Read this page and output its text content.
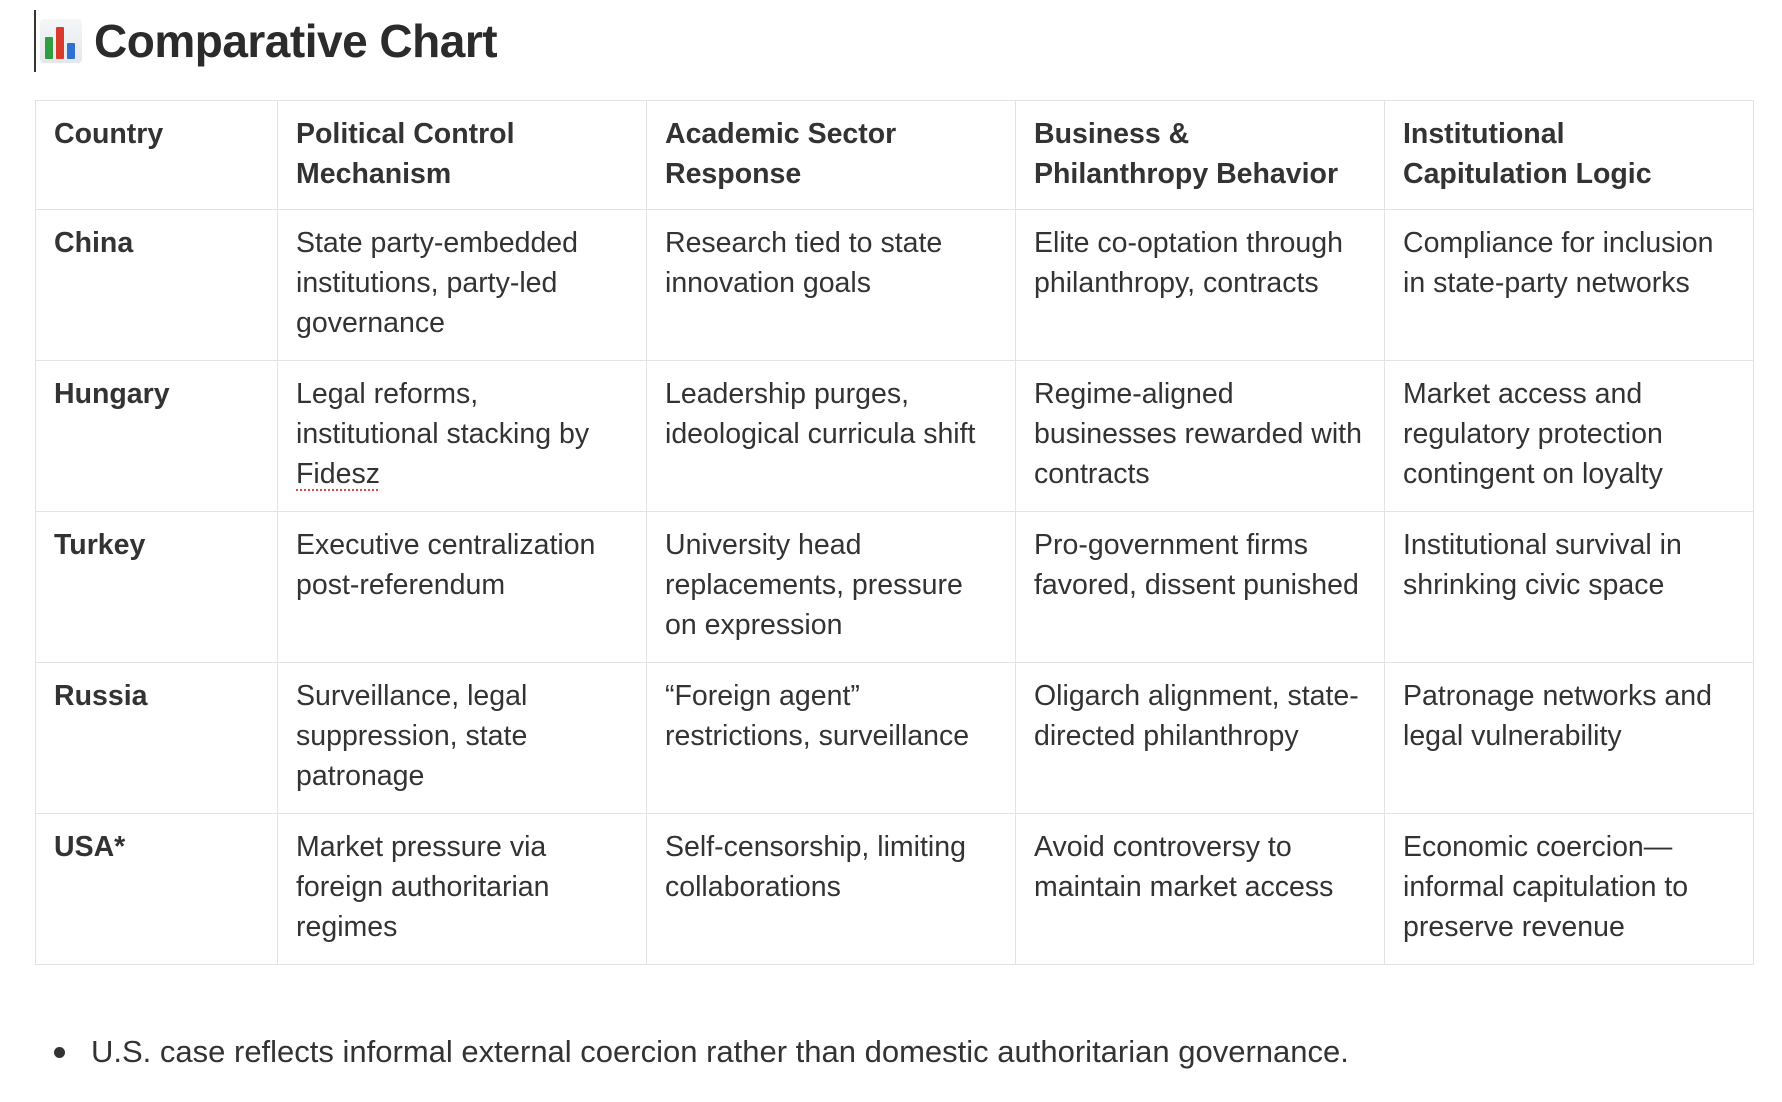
Comparative Chart
Country	Political Control Mechanism	Academic Sector Response	Business & Philanthropy Behavior	Institutional Capitulation Logic
China	State party-embedded institutions, party-led governance	Research tied to state innovation goals	Elite co-optation through philanthropy, contracts	Compliance for inclusion in state-party networks
Hungary	Legal reforms, institutional stacking by Fidesz	Leadership purges, ideological curricula shift	Regime-aligned businesses rewarded with contracts	Market access and regulatory protection contingent on loyalty
Turkey	Executive centralization post-referendum	University head replacements, pressure on expression	Pro-government firms favored, dissent punished	Institutional survival in shrinking civic space
Russia	Surveillance, legal suppression, state patronage	“Foreign agent” restrictions, surveillance	Oligarch alignment, state-directed philanthropy	Patronage networks and legal vulnerability
USA*	Market pressure via foreign authoritarian regimes	Self-censorship, limiting collaborations	Avoid controversy to maintain market access	Economic coercion—informal capitulation to preserve revenue
U.S. case reflects informal external coercion rather than domestic authoritarian governance.
